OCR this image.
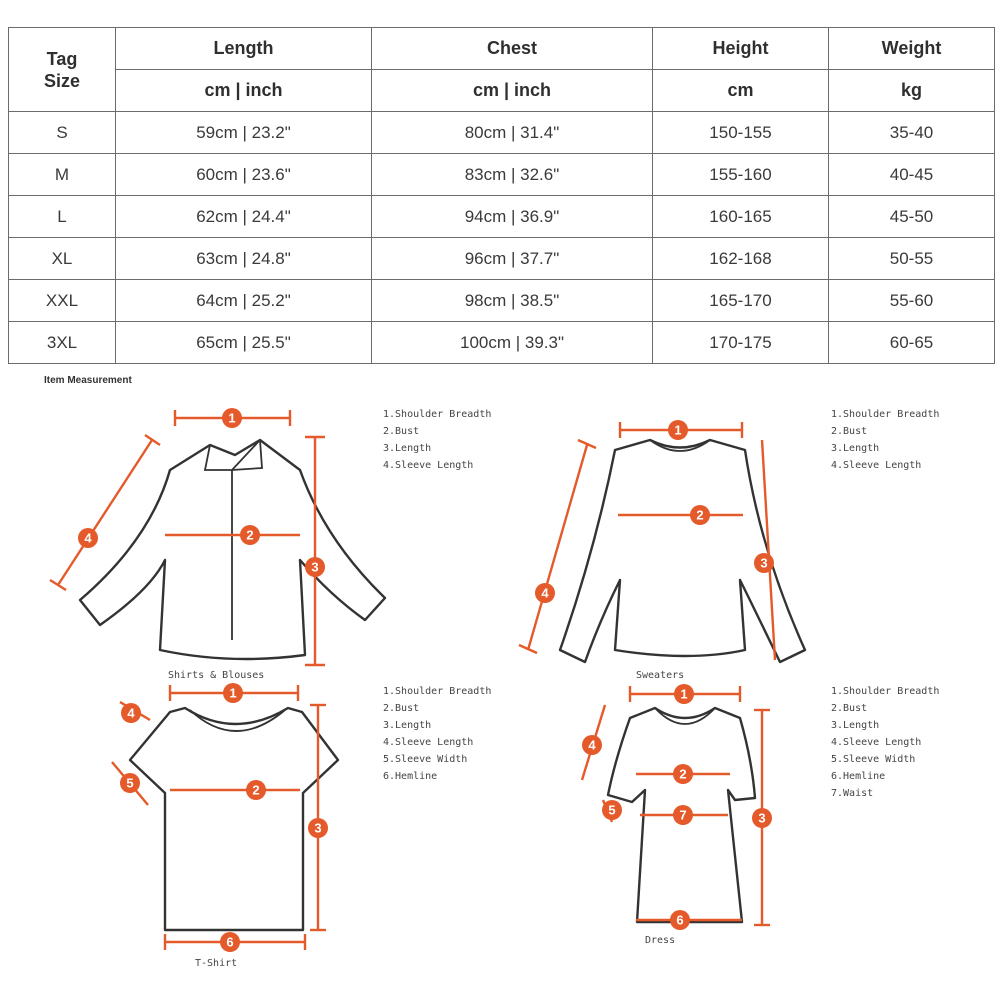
Tag
Size	Length	Chest	Height	Weight
	cm | inch	cm | inch	cm	kg
S	59cm | 23.2"	80cm | 31.4"	150-155	35-40
M	60cm | 23.6"	83cm | 32.6"	155-160	40-45
L	62cm | 24.4"	94cm | 36.9"	160-165	45-50
XL	63cm | 24.8"	96cm | 37.7"	162-168	50-55
XXL	64cm | 25.2"	98cm | 38.5"	165-170	55-60
3XL	65cm | 25.5"	100cm | 39.3"	170-175	60-65
Item Measurement
1
2
3
4
1
2
3
4
1
2
3
4
5
6
1
2
3
4
5
6
7
Shirts & Blouses	Sweaters
T-Shirt
Dress
1.Shoulder Breadth
2.Bust
3.Length
4.Sleeve Length
1.Shoulder Breadth
2.Bust
3.Length
4.Sleeve Length
1.Shoulder Breadth
2.Bust
3.Length
4.Sleeve Length
5.Sleeve Width
6.Hemline
1.Shoulder Breadth
2.Bust
3.Length
4.Sleeve Length
5.Sleeve Width
6.Hemline
7.Waist
